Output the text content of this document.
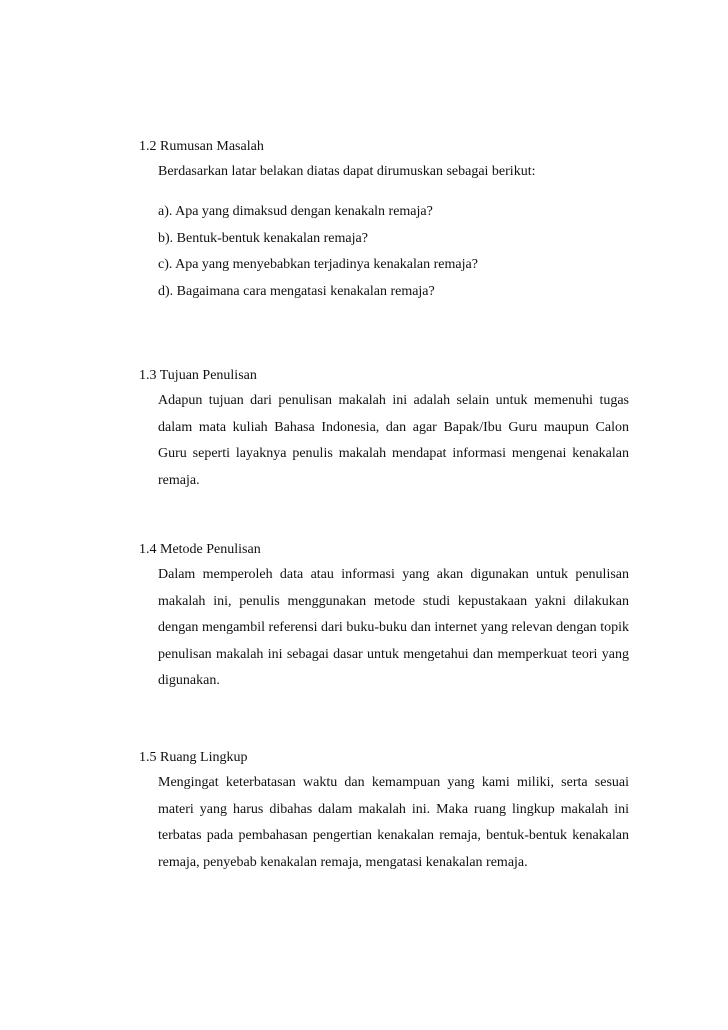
1.2 Rumusan Masalah

Berdasarkan latar belakan diatas dapat dirumuskan sebagai berikut:

a). Apa yang dimaksud dengan kenakaln remaja?
b). Bentuk-bentuk kenakalan remaja?
c). Apa yang menyebabkan terjadinya kenakalan remaja?
d). Bagaimana cara mengatasi kenakalan remaja?
1.3 Tujuan Penulisan

Adapun tujuan dari penulisan makalah ini adalah selain untuk memenuhi tugas dalam mata kuliah Bahasa Indonesia, dan agar Bapak/Ibu Guru maupun Calon Guru seperti layaknya penulis makalah mendapat informasi mengenai kenakalan remaja.

1.4 Metode Penulisan

Dalam memperoleh data atau informasi yang akan digunakan untuk penulisan makalah ini, penulis menggunakan metode studi kepustakaan yakni dilakukan dengan mengambil referensi dari buku-buku dan internet yang relevan dengan topik penulisan makalah ini sebagai dasar untuk mengetahui dan memperkuat teori yang digunakan.

1.5 Ruang Lingkup

Mengingat keterbatasan waktu dan kemampuan yang kami miliki, serta sesuai materi yang harus dibahas dalam makalah ini. Maka ruang lingkup makalah ini terbatas pada pembahasan pengertian kenakalan remaja, bentuk-bentuk kenakalan remaja, penyebab kenakalan remaja, mengatasi kenakalan remaja.
